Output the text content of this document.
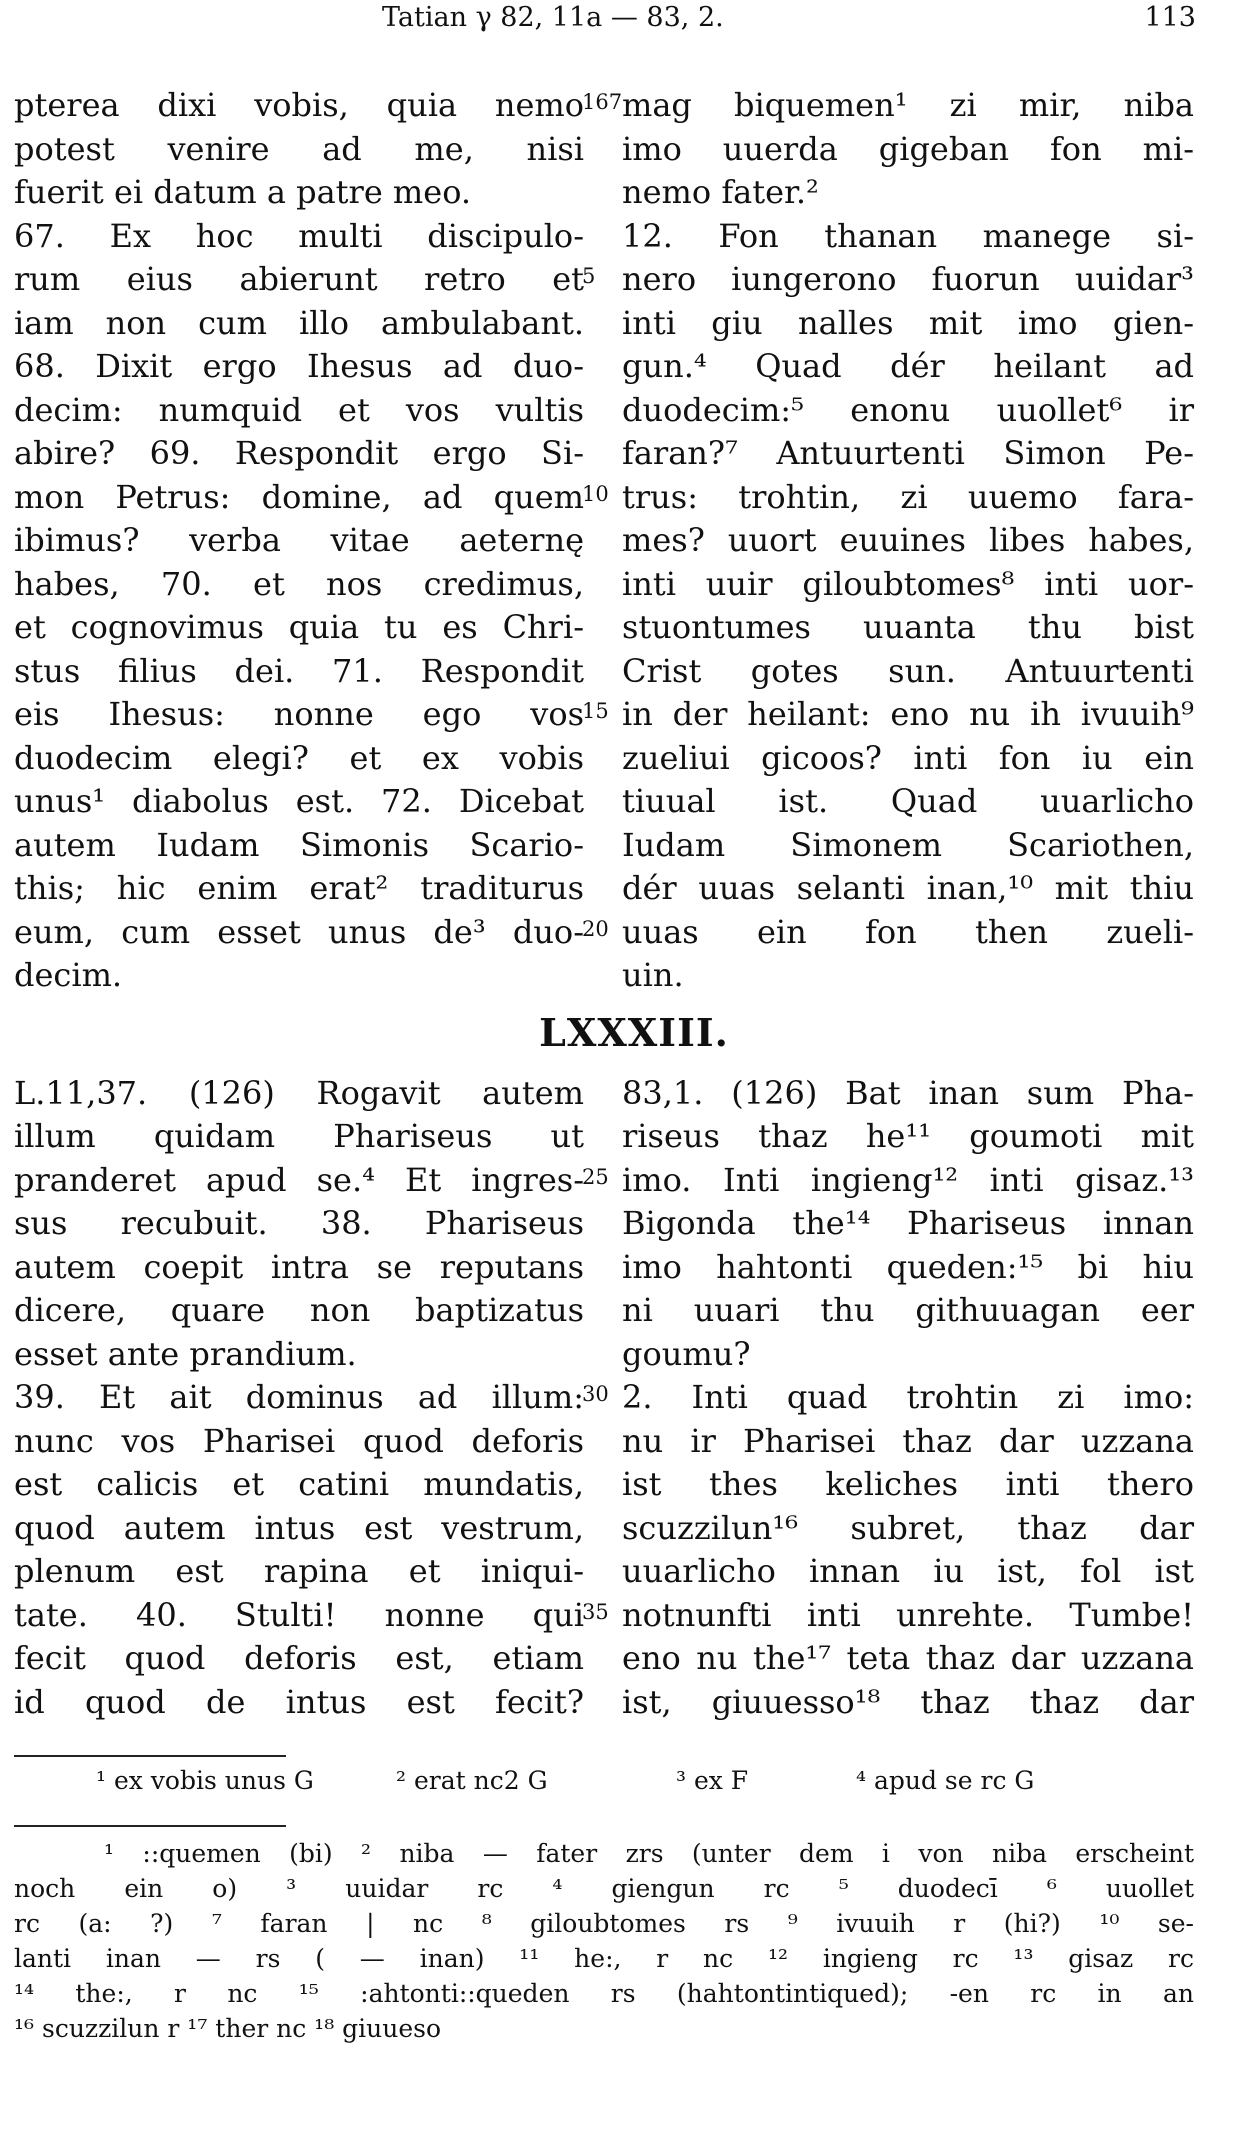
Tatian γ 82, 11a — 83, 2.	113
pterea dixi vobis, quia nemo
167 mag biquemen¹ zi mir, niba
potest venire ad me, nisi imo uuerda gigeban fon mi-
fuerit ei datum a patre meo.	nemo fater.²
67. Ex hoc multi discipulo- 12. Fon thanan manege si-
rum eius abierunt retro et
5 nero iungerono fuorun uuidar³
iam non cum illo ambulabant. inti giu nalles mit imo gien-
68. Dixit ergo Ihesus ad duo- gun.⁴ Quad dér heilant ad
decim: numquid et vos vultis duodecim:⁵ enonu uuollet⁶ ir
abire? 69. Respondit ergo Si- faran?⁷ Antuurtenti Simon Pe-
mon Petrus: domine, ad quem
10 trus: trohtin, zi uuemo fara-
ibimus? verba vitae aeternę mes? uuort euuines libes habes,
habes, 70. et nos credimus, inti uuir giloubtomes⁸ inti uor-
et cognovimus quia tu es Chri- stuontumes uuanta thu bist
stus filius dei. 71. Respondit Crist gotes sun. Antuurtenti
eis Ihesus: nonne ego vos
15 in der heilant: eno nu ih ivuuih⁹
duodecim elegi? et ex vobis zueliui gicoos? inti fon iu ein
unus¹ diabolus est. 72. Dicebat tiuual ist. Quad uuarlicho
autem Iudam Simonis Scario- Iudam Simonem Scariothen,
this; hic enim erat² traditurus dér uuas selanti inan,¹⁰ mit thiu
eum, cum esset unus de³ duo-
20 uuas ein fon then zueli-
decim.	uin.
LXXXIII.
L.11,37. (126) Rogavit autem 83,1. (126) Bat inan sum Pha-
illum quidam Phariseus ut riseus thaz he¹¹ goumoti mit
pranderet apud se.⁴ Et ingres-
25 imo. Inti ingieng¹² inti gisaz.¹³
sus recubuit. 38. Phariseus Bigonda the¹⁴ Phariseus innan
autem coepit intra se reputans imo hahtonti queden:¹⁵ bi hiu
dicere, quare non baptizatus ni uuari thu githuuagan eer
esset ante prandium.	goumu?
39. Et ait dominus ad illum:
30 2. Inti quad trohtin zi imo:
nunc vos Pharisei quod deforis nu ir Pharisei thaz dar uzzana
est calicis et catini mundatis, ist thes keliches inti thero
quod autem intus est vestrum, scuzzilun¹⁶ subret, thaz dar
plenum est rapina et iniqui- uuarlicho innan iu ist, fol ist
tate. 40. Stulti! nonne qui
35 notnunfti inti unrehte. Tumbe!
fecit quod deforis est, etiam eno nu the¹⁷ teta thaz dar uzzana
id quod de intus est fecit? ist, giuuesso¹⁸ thaz thaz dar
¹ ex vobis unus G	² erat nc2 G	³ ex F	⁴ apud se rc G
¹ ::quemen (bi) ² niba — fater zrs (unter dem i von niba erscheint
noch ein o) ³ uuidar rc ⁴ giengun rc ⁵ duodecī ⁶ uuollet
rc (a: ?) ⁷ faran | nc ⁸ giloubtomes rs ⁹ ivuuih r (hi?) ¹⁰ se-
lanti inan — rs ( — inan) ¹¹ he:, r nc ¹² ingieng rc ¹³ gisaz rc
¹⁴ the:, r nc ¹⁵ :ahtonti::queden rs (hahtontintiqued); -en rc in an
¹⁶ scuzzilun r ¹⁷ ther nc ¹⁸ giuueso
